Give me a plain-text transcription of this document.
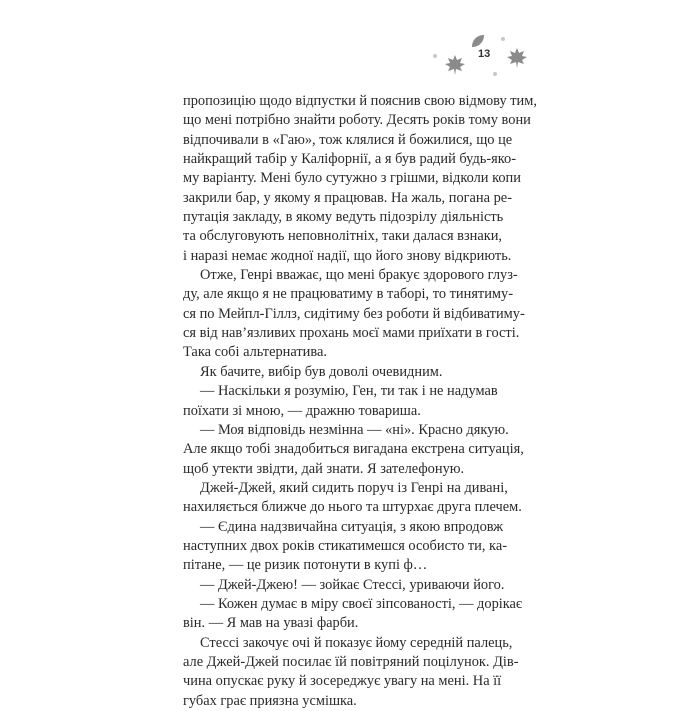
13
пропозицію щодо відпустки й пояснив свою відмову тим,
що мені потрібно знайти роботу. Десять років тому вони
відпочивали в «Гаю», тож клялися й божилися, що це
найкращий табір у Каліфорнії, а я був радий будь-яко-
му варіанту. Мені було сутужно з грішми, відколи копи
закрили бар, у якому я працював. На жаль, погана ре-
путація закладу, в якому ведуть підозрілу діяльність
та обслуговують неповнолітніх, таки далася взнаки,
і наразі немає жодної надії, що його знову відкриють.
Отже, Генрі вважає, що мені бракує здорового глуз-
ду, але якщо я не працюватиму в таборі, то тинятиму-
ся по Мейпл-Гіллз, сидітиму без роботи й відбиватиму-
ся від нав’язливих прохань моєї мами приїхати в гості.
Така собі альтернатива.
Як бачите, вибір був доволі очевидним.
— Наскільки я розумію, Ген, ти так і не надумав
поїхати зі мною, — дражню товариша.
— Моя відповідь незмінна — «ні». Красно дякую.
Але якщо тобі знадобиться вигадана екстрена ситуація,
щоб утекти звідти, дай знати. Я зателефоную.
Джей-Джей, який сидить поруч із Генрі на дивані,
нахиляється ближче до нього та штурхає друга плечем.
— Єдина надзвичайна ситуація, з якою впродовж
наступних двох років стикатимешся особисто ти, ка-
пітане, — це ризик потонути в купі ф…
— Джей-Джею! — зойкає Стессі, уриваючи його.
— Кожен думає в міру своєї зіпсованості, — дорікає
він. — Я мав на увазі фарби.
Стессі закочує очі й показує йому середній палець,
але Джей-Джей посилає їй повітряний поцілунок. Дів-
чина опускає руку й зосереджує увагу на мені. На її
губах грає приязна усмішка.
